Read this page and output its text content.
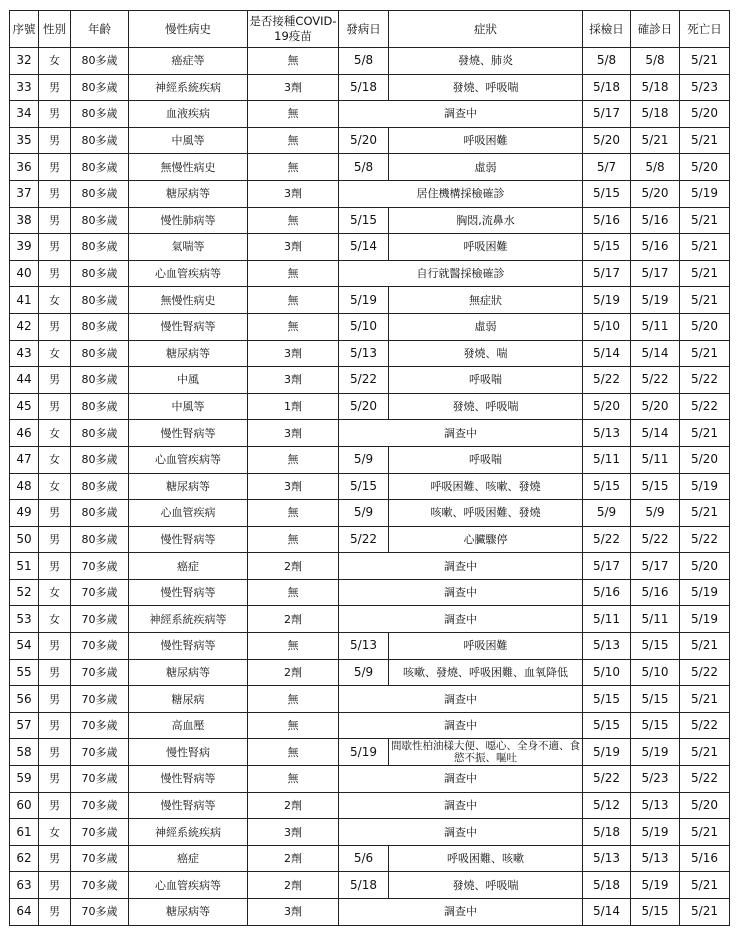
序號	性別	年齡	慢性病史	是否接種COVID-19疫苗	發病日	症狀	採檢日	確診日	死亡日
32	女	80多歲	癌症等	無	5/8	發燒、肺炎	5/8	5/8	5/21
33	男	80多歲	神經系統疾病	3劑	5/18	發燒、呼吸喘	5/18	5/18	5/23
34	男	80多歲	血液疾病	無	調查中		5/17	5/18	5/20
35	男	80多歲	中風等	無	5/20	呼吸困難	5/20	5/21	5/21
36	男	80多歲	無慢性病史	無	5/8	虛弱	5/7	5/8	5/20
37	男	80多歲	糖尿病等	3劑	居住機構採檢確診		5/15	5/20	5/19
38	男	80多歲	慢性肺病等	無	5/15	胸悶,流鼻水	5/16	5/16	5/21
39	男	80多歲	氣喘等	3劑	5/14	呼吸困難	5/15	5/16	5/21
40	男	80多歲	心血管疾病等	無	自行就醫採檢確診		5/17	5/17	5/21
41	女	80多歲	無慢性病史	無	5/19	無症狀	5/19	5/19	5/21
42	男	80多歲	慢性腎病等	無	5/10	虛弱	5/10	5/11	5/20
43	女	80多歲	糖尿病等	3劑	5/13	發燒、喘	5/14	5/14	5/21
44	男	80多歲	中風	3劑	5/22	呼吸喘	5/22	5/22	5/22
45	男	80多歲	中風等	1劑	5/20	發燒、呼吸喘	5/20	5/20	5/22
46	女	80多歲	慢性腎病等	3劑	調查中		5/13	5/14	5/21
47	女	80多歲	心血管疾病等	無	5/9	呼吸喘	5/11	5/11	5/20
48	女	80多歲	糖尿病等	3劑	5/15	呼吸困難、咳嗽、發燒	5/15	5/15	5/19
49	男	80多歲	心血管疾病	無	5/9	咳嗽、呼吸困難、發燒	5/9	5/9	5/21
50	男	80多歲	慢性腎病等	無	5/22	心臟驟停	5/22	5/22	5/22
51	男	70多歲	癌症	2劑	調查中		5/17	5/17	5/20
52	女	70多歲	慢性腎病等	無	調查中		5/16	5/16	5/19
53	女	70多歲	神經系統疾病等	2劑	調查中		5/11	5/11	5/19
54	男	70多歲	慢性腎病等	無	5/13	呼吸困難	5/13	5/15	5/21
55	男	70多歲	糖尿病等	2劑	5/9	咳嗽、發燒、呼吸困難、血氧降低	5/10	5/10	5/22
56	男	70多歲	糖尿病	無	調查中		5/15	5/15	5/21
57	男	70多歲	高血壓	無	調查中		5/15	5/15	5/22
58	男	70多歲	慢性腎病	無	5/19	間歇性柏油樣大便、噁心、全身不適、食慾不振、嘔吐	5/19	5/19	5/21
59	男	70多歲	慢性腎病等	無	調查中		5/22	5/23	5/22
60	男	70多歲	慢性腎病等	2劑	調查中		5/12	5/13	5/20
61	女	70多歲	神經系統疾病	3劑	調查中		5/18	5/19	5/21
62	男	70多歲	癌症	2劑	5/6	呼吸困難、咳嗽	5/13	5/13	5/16
63	男	70多歲	心血管疾病等	2劑	5/18	發燒、呼吸喘	5/18	5/19	5/21
64	男	70多歲	糖尿病等	3劑	調查中		5/14	5/15	5/21
